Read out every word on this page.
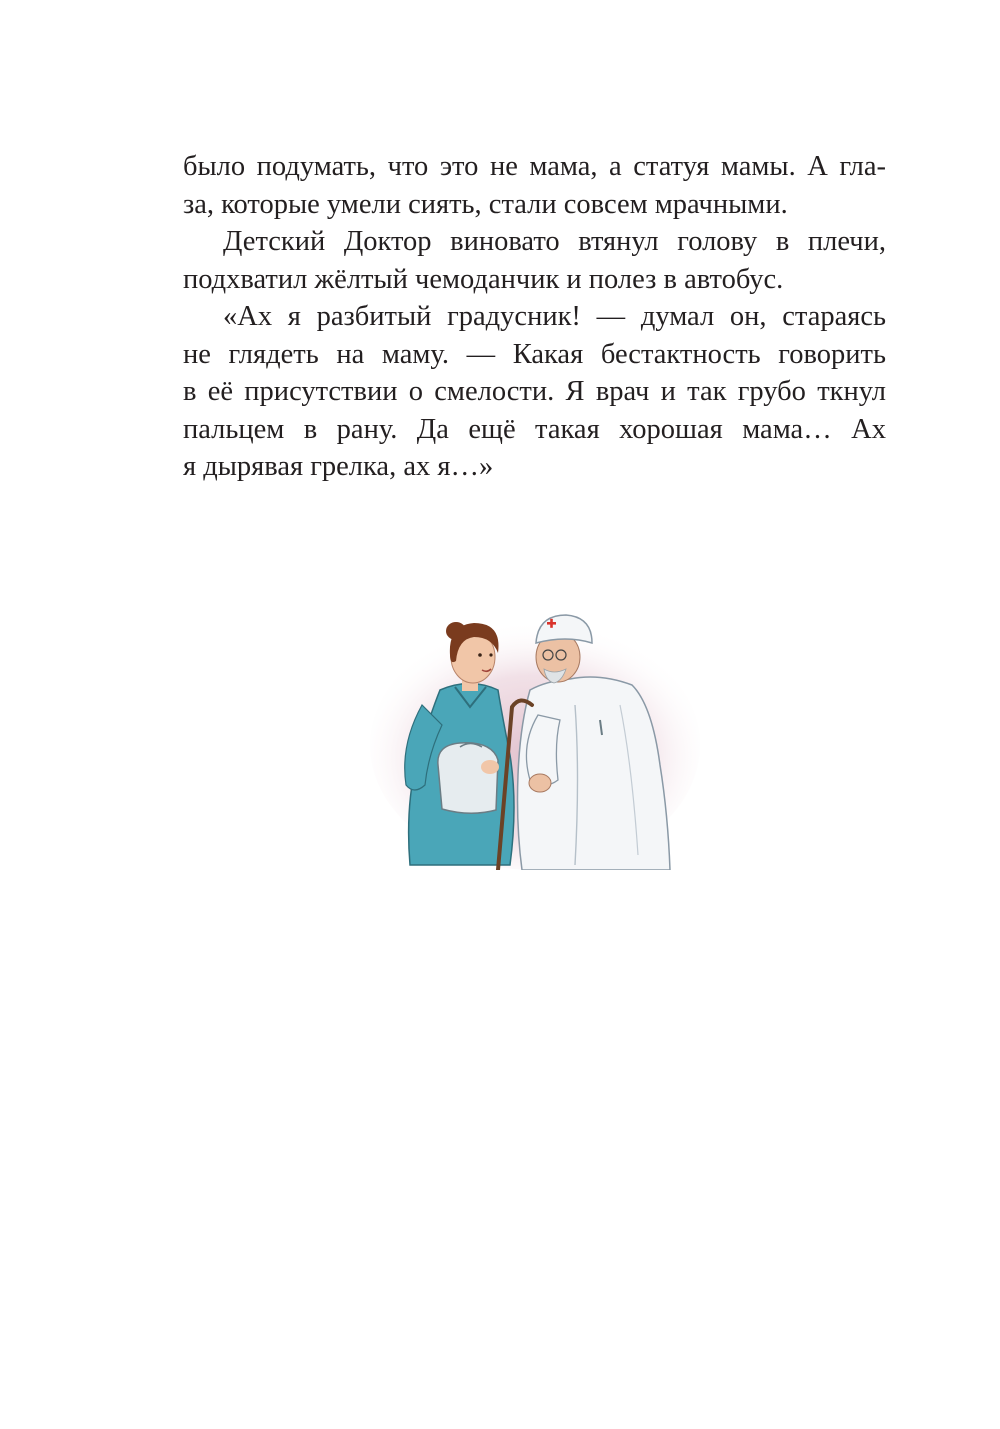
было подумать, что это не мама, а статуя мамы. А гла-
за, которые умели сиять, стали совсем мрачными.

Детский Доктор виновато втянул голову в плечи,
подхватил жёлтый чемоданчик и полез в автобус.

«Ах я разбитый градусник! — думал он, стараясь
не глядеть на маму. — Какая бестактность говорить
в её присутствии о смелости. Я врач и так грубо ткнул
пальцем в рану. Да ещё такая хорошая мама… Ах
я дырявая грелка, ах я…»
